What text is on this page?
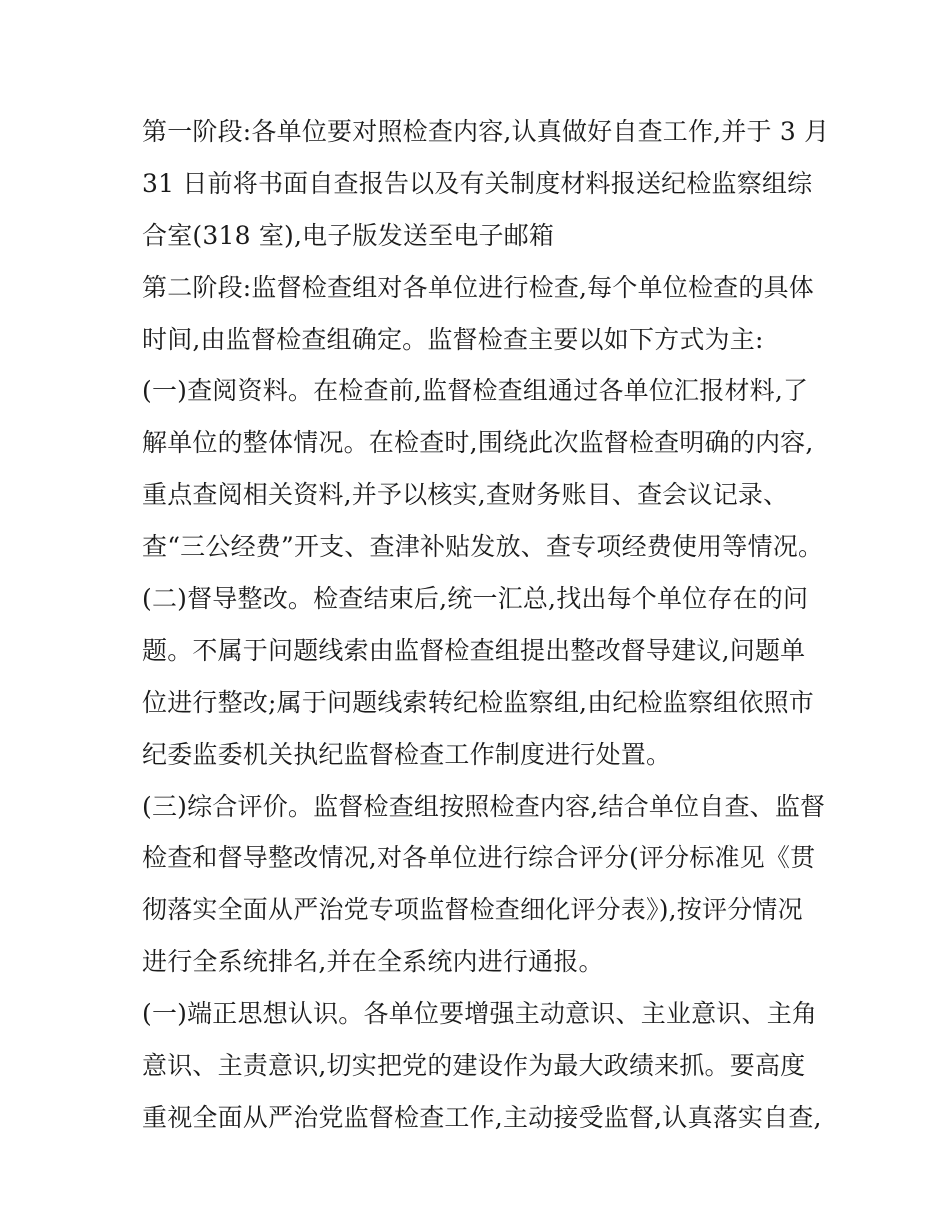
第一阶段:各单位要对照检查内容,认真做好自查工作,并于 3 月
31 日前将书面自查报告以及有关制度材料报送纪检监察组综
合室(318 室),电子版发送至电子邮箱
第二阶段:监督检查组对各单位进行检查,每个单位检查的具体
时间,由监督检查组确定。监督检查主要以如下方式为主:
(一)查阅资料。在检查前,监督检查组通过各单位汇报材料,了
解单位的整体情况。在检查时,围绕此次监督检查明确的内容,
重点查阅相关资料,并予以核实,查财务账目、查会议记录、
查“三公经费”开支、查津补贴发放、查专项经费使用等情况。
(二)督导整改。检查结束后,统一汇总,找出每个单位存在的问
题。不属于问题线索由监督检查组提出整改督导建议,问题单
位进行整改;属于问题线索转纪检监察组,由纪检监察组依照市
纪委监委机关执纪监督检查工作制度进行处置。
(三)综合评价。监督检查组按照检查内容,结合单位自查、监督
检查和督导整改情况,对各单位进行综合评分(评分标准见《贯
彻落实全面从严治党专项监督检查细化评分表》),按评分情况
进行全系统排名,并在全系统内进行通报。
(一)端正思想认识。各单位要增强主动意识、主业意识、主角
意识、主责意识,切实把党的建设作为最大政绩来抓。要高度
重视全面从严治党监督检查工作,主动接受监督,认真落实自查,
